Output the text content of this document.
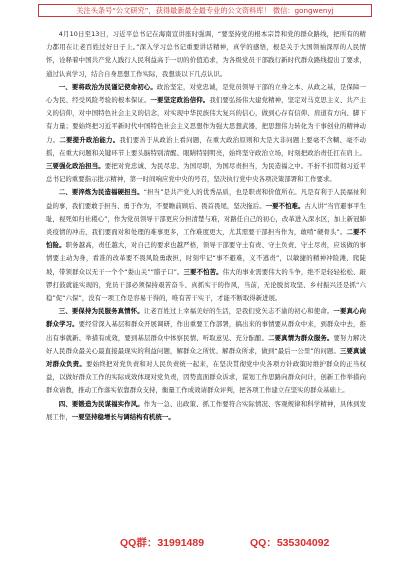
关注头条号“公文研究”，获得最新最全最专业的公文资料库！ 微信：gongwenyj

4月10日至13日，习近平总书记在海南宣讲座时强调，“要坚持党的根本宗旨和党的群众路线，把所有的精力都用在让老百姓过好日子上。”深入学习总书记重要讲话精神，真学的感悟，根是关于大国领袖深厚的人民情怀，诠释着中国共产党人践行人民利益高于一切的价值追求，为各级党员干部践行新时代群众路线提出了要求，通过认真学习，结合自身思想工作实际，我想谈以下几点认识。

一、要将政治为民谨记使命初心。政治坚定，对党忠诚，是党员领导干部的立身之本、从政之基，是保障一心为民、经受风险考验的根本保证。一要坚定政治信仰。我们要弘扬伟大建党精神，坚定对马克思主义、共产主义的信仰，对中国特色社会主义的信念，对实现中华民族伟大复兴的信心，做到心存有信仰、肩道有方向、脚下有力量；要始终把习近平新时代中国特色社会主义思想作为强大思想武器，把思想伟力转化为干事创业的精神动力。二要提升政治能力。我们要善于从政治上看问题，在重大政治原则和大是大非问题上要毫不含糊、毫不动摇，在重大问题和关键环节上要头脑特别清醒、眼睛特别明亮，始终坚守政治立场，时刻把政治责任扛在肩上。三要强化政治担当。要把对党忠诚、为民尽忠、为国尽职，为国尽责担当，为民造福之中。不折不扣贯彻习近平总书记的重要指示批示精神，第一时间响应党中央的号召，坚决执行党中央各项决策部署和工作要求。

二、要淬炼为民造福硬担当。“担当”是共产党人的优秀品质，也是职责和价值所在。凡是有利于人民福祉利益的事，我们要敢于担当、勇于作为，不要瞻前顾后、畏首畏尾，坚决拖后。一要不怕难。古人讲“当官避事平生耻，视死如归社稷心”，作为党员领导干部更应分担清楚与难，对路任自己的初心，改革进入深水区，加上新冠肺炎疫情的冲击，我们要面对和处理的难事更多，工作难度更大，尤其需要干部担当作为，敢啃“硬骨头”。二要不怕险。职务越高，责任越大，对自己的要求也越严格，领导干部要守土有责、守土负责、守土尽责，应该做的事情要主动为身，看准的改革要不畏风险勇敢担，时刻牢记“事不避难，义不逃责”，以敏捷的精神冲险滩、爬陡坡，带领群众以无干一个个“娄山关”“腊子口”。三要不怕苦。伟大的事业需要伟大的斗争，绝不是轻轻松松、敲锣打鼓就能实现的，党员干部必须保持艰苦奋斗、真抓实干的作风，当前，无论脱贫攻坚、乡村振兴还是抓“六稳”促“六保”，没有一项工作是容易干得的，唯有苦干实干，才能不断取得新进展。

三、要保持为民服务真情怀。让老百姓过上幸福美好的生活，是我们党矢志不渝的初心和使命。一要真心向群众学习。要经常深入基层和群众开展调研，作出重要工作部署，搞出来的事情要从群众中来，到群众中去，推出有事就新、举措有成效，要到基层群众中体察民情、听取意见、充分酝酿。二要真情为群众服务。要努力解决好人民群众最关心最直接最现实的利益问题，解群众之所忧、解群众所求，做到“最后一公里”的问题。三要真诚对群众负责。要始终把对党负责和对人民负责统一起来，在坚决贯彻党中央各项方针政策时维护群众的正当权益，以做好群众工作的实际成效体现对党负责，因势直面群众诉求，谋划工作思路向群众问计，创新工作举措向群众请教，推动工作落实依靠群众支持，衡量工作成效请群众评判，把各项工作建立在坚实的群众基础上。

四、要锻造为民谋福实作风。作为一急、出政策、抓工作要符合实际情况、客观规律和科学精神，具体到发展工作，一要坚持稳增长与调结构有机统一。

QQ群：31991489	QQ：535304092
